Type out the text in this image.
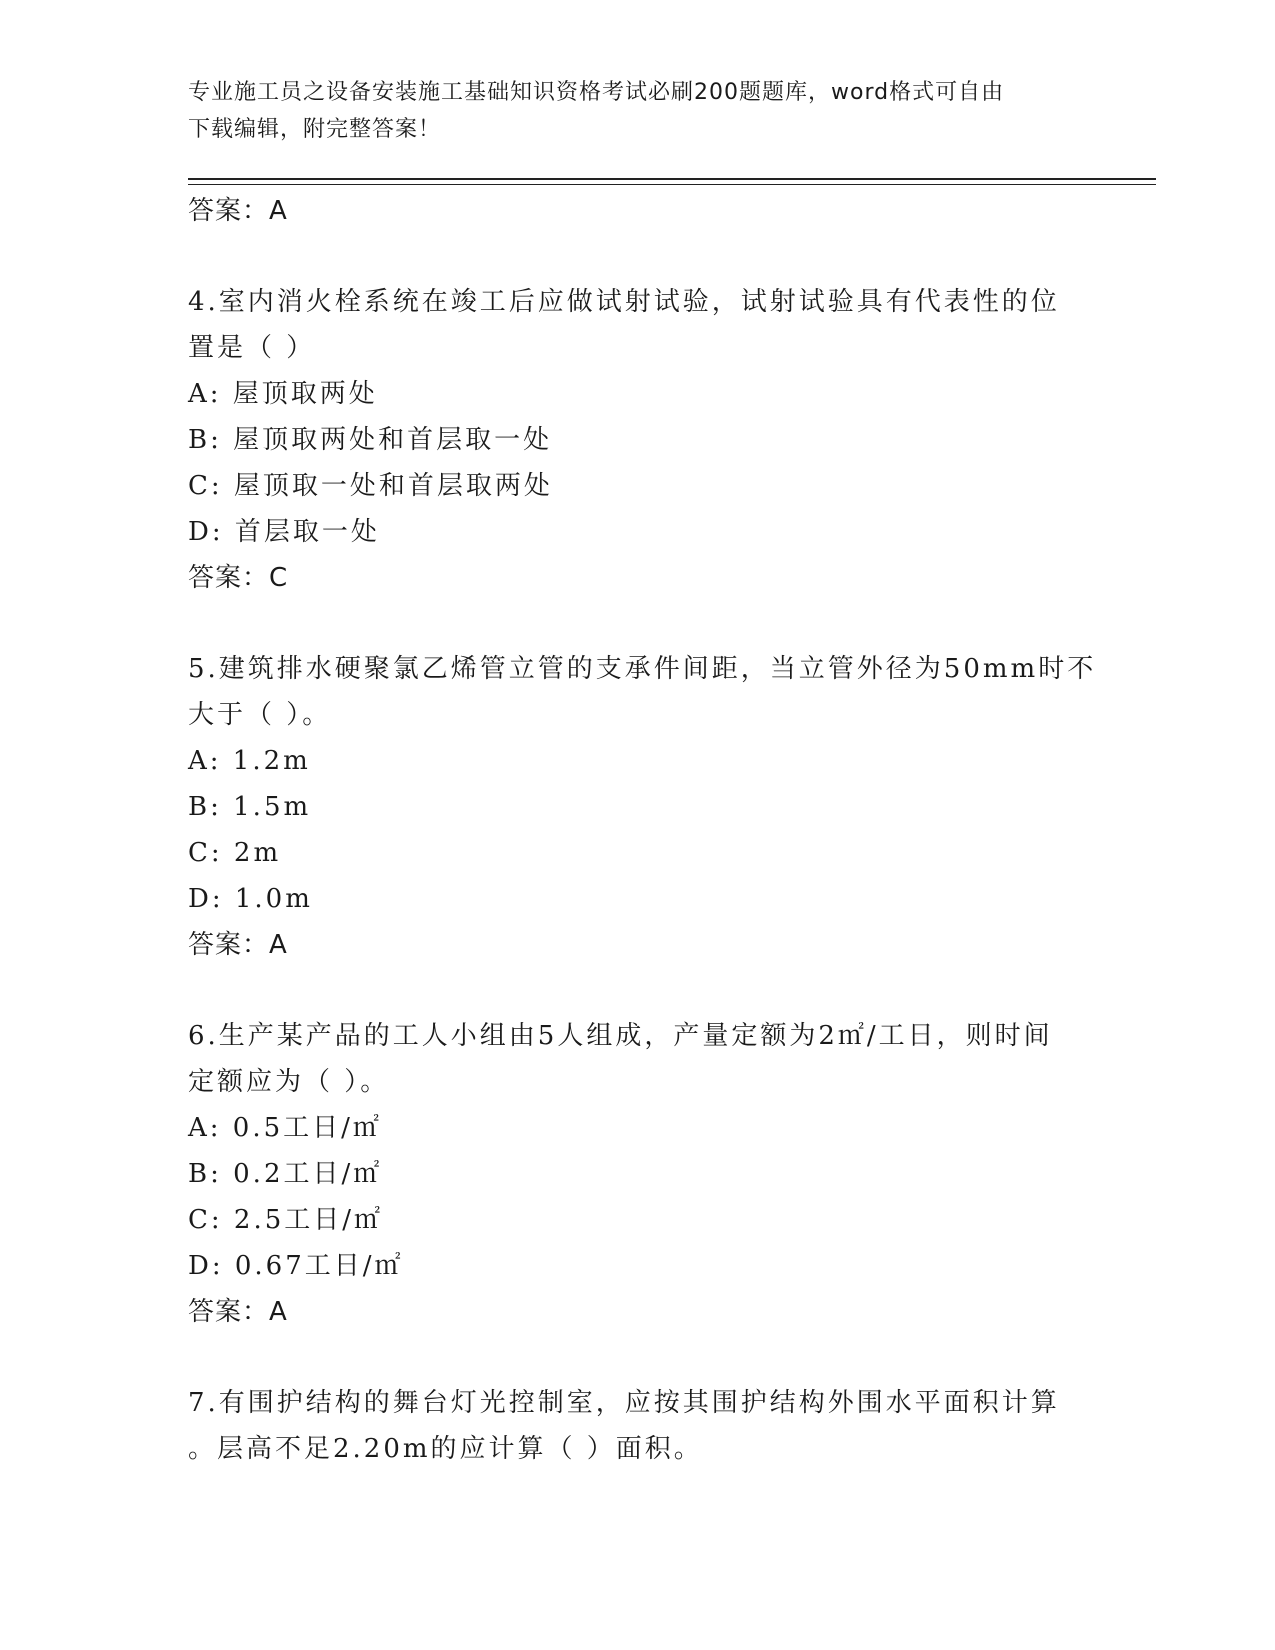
专业施工员之设备安装施工基础知识资格考试必刷200题题库，word格式可自由
下载编辑，附完整答案！
答案：A
4.室内消火栓系统在竣工后应做试射试验，试射试验具有代表性的位
置是（ ）
A: 屋顶取两处
B: 屋顶取两处和首层取一处
C: 屋顶取一处和首层取两处
D: 首层取一处
答案：C
5.建筑排水硬聚氯乙烯管立管的支承件间距，当立管外径为50mm时不
大于（ ）。
A: 1.2m
B: 1.5m
C: 2m
D: 1.0m
答案：A
6.生产某产品的工人小组由5人组成，产量定额为2㎡/工日，则时间
定额应为（ ）。
A: 0.5工日/㎡
B: 0.2工日/㎡
C: 2.5工日/㎡
D: 0.67工日/㎡
答案：A
7.有围护结构的舞台灯光控制室，应按其围护结构外围水平面积计算
。层高不足2.20m的应计算（ ）面积。
